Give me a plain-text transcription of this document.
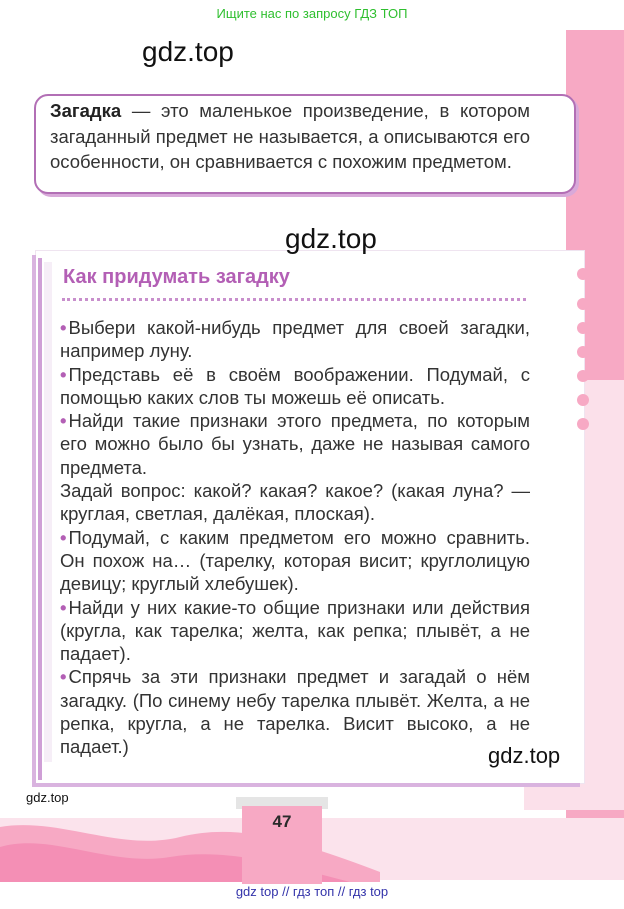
Ищите нас по запросу ГДЗ ТОП
47
gdz.top
Загадка — это маленькое произведение, в котором загаданный предмет не называется, а описываются его особенности, он сравнивается с похожим предметом.
gdz.top
Как придумать загадку

• Выбери какой-нибудь предмет для своей загадки, например луну.

• Представь её в своём воображении. Подумай, с помощью каких слов ты можешь её описать.

• Найди такие признаки этого предмета, по которым его можно было бы узнать, даже не называя самого предмета.

Задай вопрос: какой? какая? какое? (какая луна? — круглая, светлая, далёкая, плоская).

• Подумай, с каким предметом его можно сравнить. Он похож на… (тарелку, которая висит; круглолицую девицу; круглый хлебушек).

• Найди у них какие-то общие признаки или действия (кругла, как тарелка; желта, как репка; плывёт, а не падает).

• Спрячь за эти признаки предмет и загадай о нём загадку. (По синему небу тарелка плывёт. Желта, а не репка, кругла, а не тарелка. Висит высоко, а не падает.)	gdz.top
gdz.top
gdz top // гдз топ // гдз top
